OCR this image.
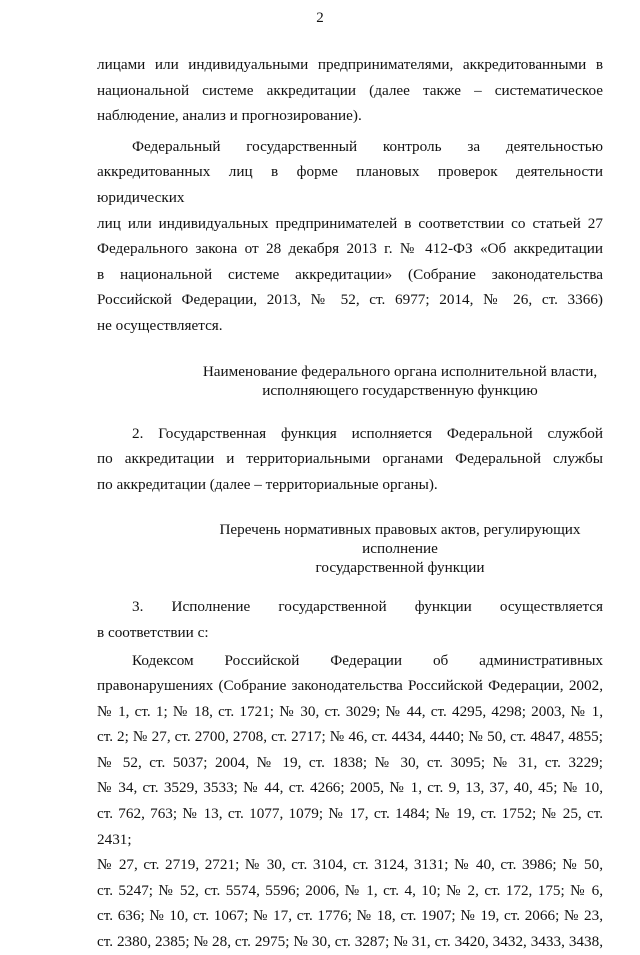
2

лицами или индивидуальными предпринимателями, аккредитованными в

национальной системе аккредитации (далее также – систематическое

наблюдение, анализ и прогнозирование).

Федеральный государственный контроль за деятельностью

аккредитованных лиц в форме плановых проверок деятельности юридических

лиц или индивидуальных предпринимателей в соответствии со статьей 27

Федерального закона от 28 декабря 2013 г. № 412-ФЗ «Об аккредитации

в национальной системе аккредитации» (Собрание законодательства

Российской Федерации, 2013, № 52, ст. 6977; 2014, № 26, ст. 3366)

не осуществляется.

Наименование федерального органа исполнительной власти,
исполняющего государственную функцию

2. Государственная функция исполняется Федеральной службой

по аккредитации и территориальными органами Федеральной службы

по аккредитации (далее – территориальные органы).

Перечень нормативных правовых актов, регулирующих исполнение
государственной функции

3. Исполнение государственной функции осуществляется

в соответствии с:

Кодексом Российской Федерации об административных

правонарушениях (Собрание законодательства Российской Федерации, 2002,

№ 1, ст. 1; № 18, ст. 1721; № 30, ст. 3029; № 44, ст. 4295, 4298; 2003, № 1,

ст. 2; № 27, ст. 2700, 2708, ст. 2717; № 46, ст. 4434, 4440; № 50, ст. 4847, 4855;

№ 52, ст. 5037; 2004, № 19, ст. 1838; № 30, ст. 3095; № 31, ст. 3229;

№ 34, ст. 3529, 3533; № 44, ст. 4266; 2005, № 1, ст. 9, 13, 37, 40, 45; № 10,

ст. 762, 763; № 13, ст. 1077, 1079; № 17, ст. 1484; № 19, ст. 1752; № 25, ст. 2431;

№ 27, ст. 2719, 2721; № 30, ст. 3104, ст. 3124, 3131; № 40, ст. 3986; № 50,

ст. 5247; № 52, ст. 5574, 5596; 2006, № 1, ст. 4, 10; № 2, ст. 172, 175; № 6,

ст. 636; № 10, ст. 1067; № 17, ст. 1776; № 18, ст. 1907; № 19, ст. 2066; № 23,

ст. 2380, 2385; № 28, ст. 2975; № 30, ст. 3287; № 31, ст. 3420, 3432, 3433, 3438,
